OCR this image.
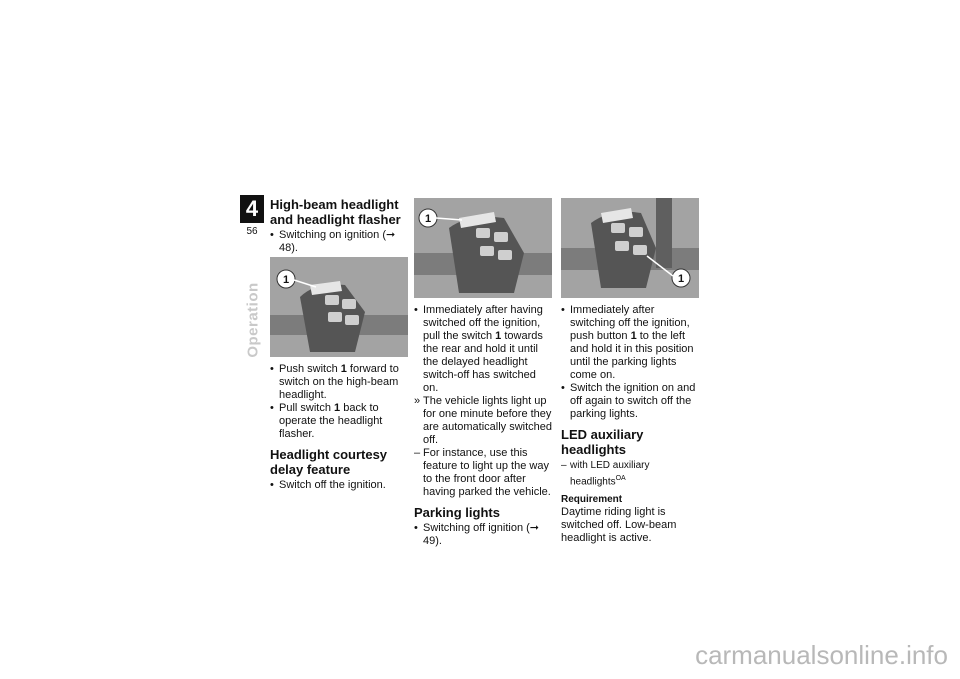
4
56
Operation
High-beam headlight and headlight flasher
• Switching on ignition (➞ 48).
1
• Push switch 1 forward to switch on the high-beam headlight.
• Pull switch 1 back to operate the headlight flasher.
Headlight courtesy delay feature
• Switch off the ignition.
1
• Immediately after having switched off the ignition, pull the switch 1 towards the rear and hold it until the delayed headlight switch-off has switched on.
» The vehicle lights light up for one minute before they are automatically switched off.
– For instance, use this feature to light up the way to the front door after having parked the vehicle.
Parking lights
• Switching off ignition (➞ 49).
1
• Immediately after switching off the ignition, push button 1 to the left and hold it in this position until the parking lights come on.
• Switch the ignition on and off again to switch off the parking lights.
LED auxiliary headlights
– with LED auxiliary headlights$^{OA}$
Requirement
Daytime riding light is switched off. Low-beam headlight is active.
carmanualsonline.info
